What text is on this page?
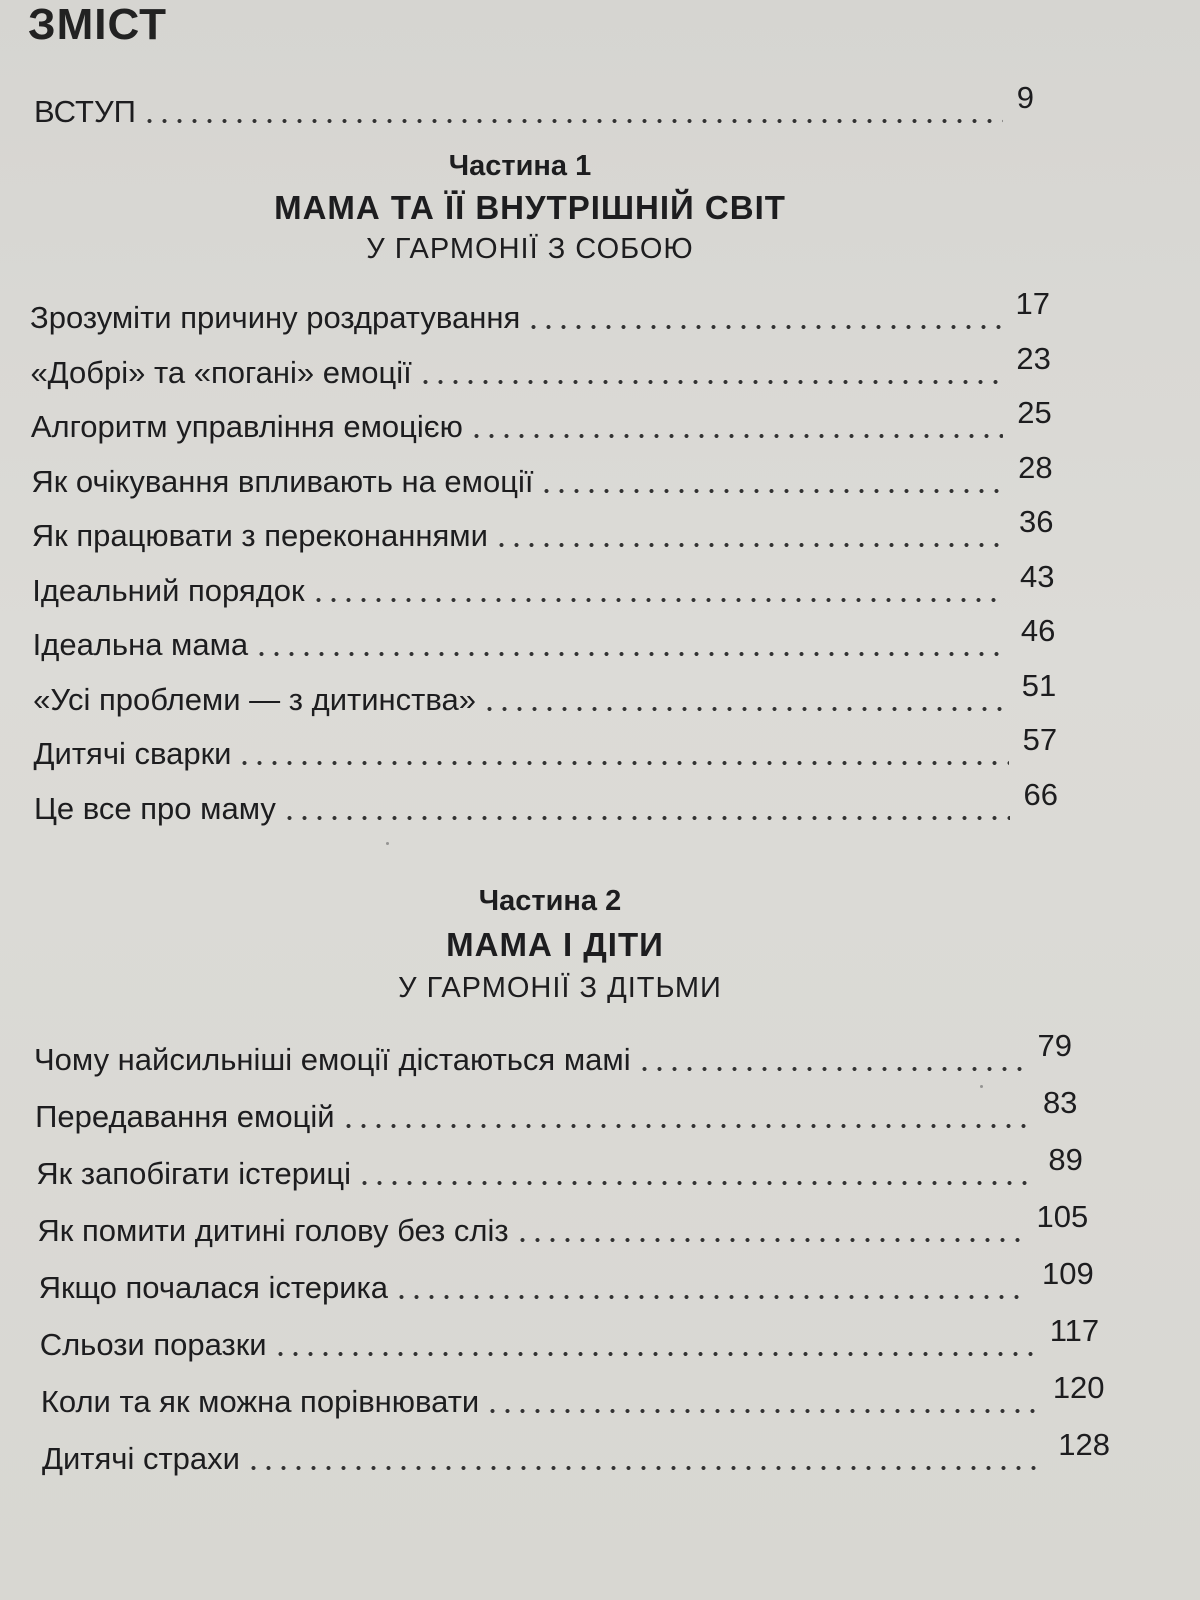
ЗМІСТ
ВСТУП	9
Частина 1
МАМА ТА ЇЇ ВНУТРІШНІЙ СВІТ
У ГАРМОНІЇ З СОБОЮ
Зрозуміти причину роздратування	17
«Добрі» та «погані» емоції	23
Алгоритм управління емоцією	25
Як очікування впливають на емоції	28
Як працювати з переконаннями	36
Ідеальний порядок	43
Ідеальна мама	46
«Усі проблеми — з дитинства»	51
Дитячі сварки	57
Це все про маму	66
Частина 2
МАМА І ДІТИ
У ГАРМОНІЇ З ДІТЬМИ
Чому найсильніші емоції дістаються мамі	79
Передавання емоцій	83
Як запобігати істериці	89
Як помити дитині голову без сліз	105
Якщо почалася істерика	109
Сльози поразки	117
Коли та як можна порівнювати	120
Дитячі страхи	128
